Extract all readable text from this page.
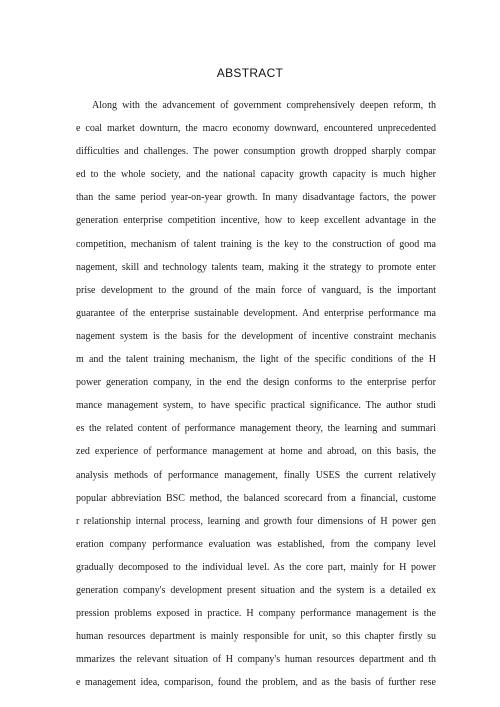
ABSTRACT
Along with the advancement of government comprehensively deepen reform, th
e coal market downturn, the macro economy downward, encountered unprecedented
difficulties and challenges. The power consumption growth dropped sharply compar
ed to the whole society, and the national capacity growth capacity is much higher
than the same period year-on-year growth. In many disadvantage factors, the power
generation enterprise competition incentive, how to keep excellent advantage in the
competition, mechanism of talent training is the key to the construction of good ma
nagement, skill and technology talents team, making it the strategy to promote enter
prise development to the ground of the main force of vanguard, is the important
guarantee of the enterprise sustainable development. And enterprise performance ma
nagement system is the basis for the development of incentive constraint mechanis
m and the talent training mechanism, the light of the specific conditions of the H
power generation company, in the end the design conforms to the enterprise perfor
mance management system, to have specific practical significance. The author studi
es the related content of performance management theory, the learning and summari
zed experience of performance management at home and abroad, on this basis, the
analysis methods of performance management, finally USES the current relatively
popular abbreviation BSC method, the balanced scorecard from a financial, custome
r relationship internal process, learning and growth four dimensions of H power gen
eration company performance evaluation was established, from the company level
gradually decomposed to the individual level. As the core part, mainly for H power
generation company's development present situation and the system is a detailed ex
pression problems exposed in practice. H company performance management is the
human resources department is mainly responsible for unit, so this chapter firstly su
mmarizes the relevant situation of H company's human resources department and th
e management idea, comparison, found the problem, and as the basis of further rese
